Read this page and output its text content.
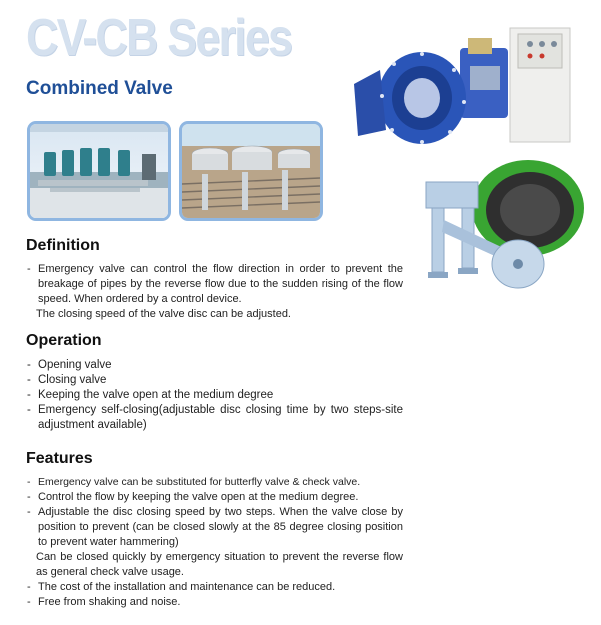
CV-CB Series
Combined Valve
Definition
- Emergency valve can control the flow direction in order to prevent the breakage of pipes by the reverse flow due to the sudden rising of the flow speed. When ordered by a control device.
The closing speed of the valve disc can be adjusted.
Operation
- Opening valve
- Closing valve
- Keeping the valve open at the medium degree
- Emergency self-closing(adjustable disc closing time by two steps-site adjustment available)
Features
- Emergency valve can be substituted for butterfly valve & check valve.
- Control the flow by keeping the valve open at the medium degree.
- Adjustable the disc closing speed by two steps. When the valve close by position to prevent (can be closed slowly at the 85 degree closing position to prevent water hammering)
Can be closed quickly by emergency situation to prevent the reverse flow as general check valve usage.
- The cost of the installation and maintenance can be reduced.
- Free from shaking and noise.
